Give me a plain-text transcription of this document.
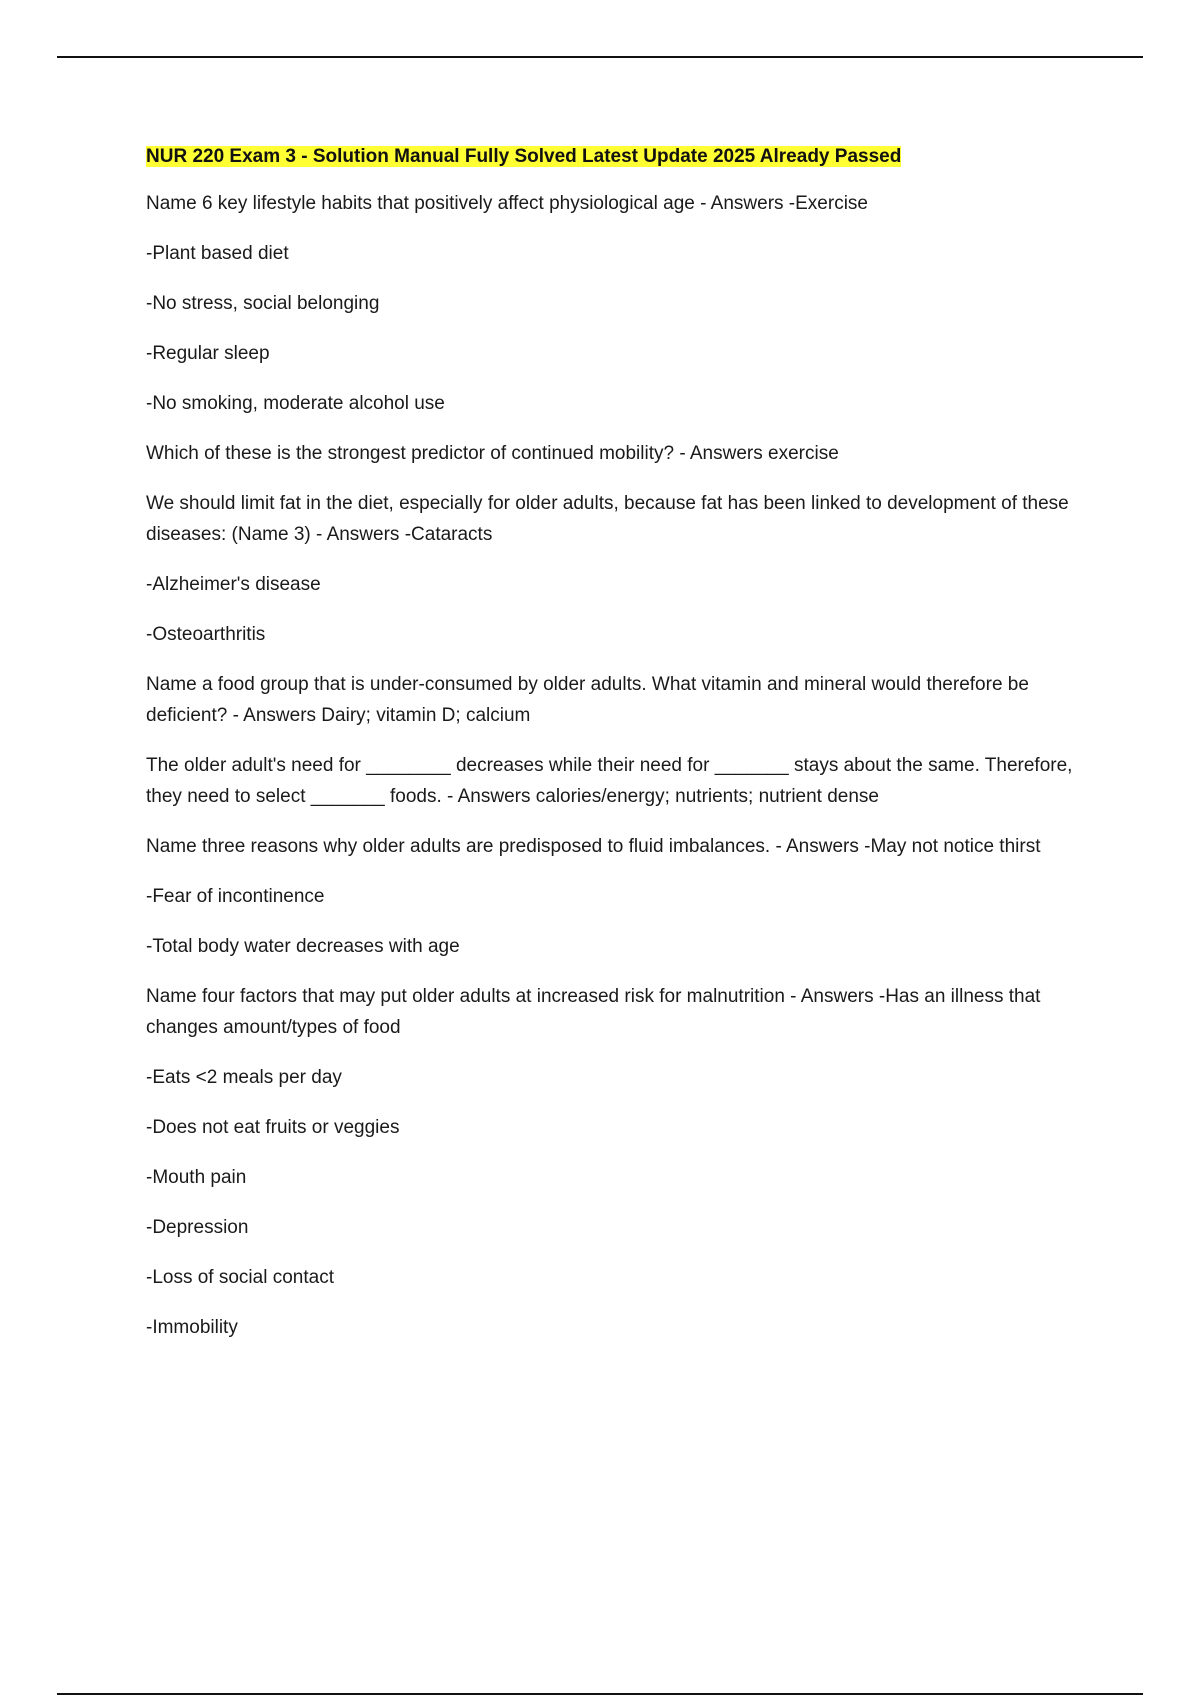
NUR 220 Exam 3 - Solution Manual Fully Solved Latest Update 2025 Already Passed

Name 6 key lifestyle habits that positively affect physiological age - Answers -Exercise

-Plant based diet

-No stress, social belonging

-Regular sleep

-No smoking, moderate alcohol use

Which of these is the strongest predictor of continued mobility? - Answers exercise

We should limit fat in the diet, especially for older adults, because fat has been linked to development of these diseases: (Name 3) - Answers -Cataracts

-Alzheimer's disease

-Osteoarthritis

Name a food group that is under-consumed by older adults. What vitamin and mineral would therefore be deficient? - Answers Dairy; vitamin D; calcium

The older adult's need for ________ decreases while their need for _______ stays about the same. Therefore, they need to select _______ foods. - Answers calories/energy; nutrients; nutrient dense

Name three reasons why older adults are predisposed to fluid imbalances. - Answers -May not notice thirst

-Fear of incontinence

-Total body water decreases with age

Name four factors that may put older adults at increased risk for malnutrition - Answers -Has an illness that changes amount/types of food

-Eats <2 meals per day

-Does not eat fruits or veggies

-Mouth pain

-Depression

-Loss of social contact

-Immobility
